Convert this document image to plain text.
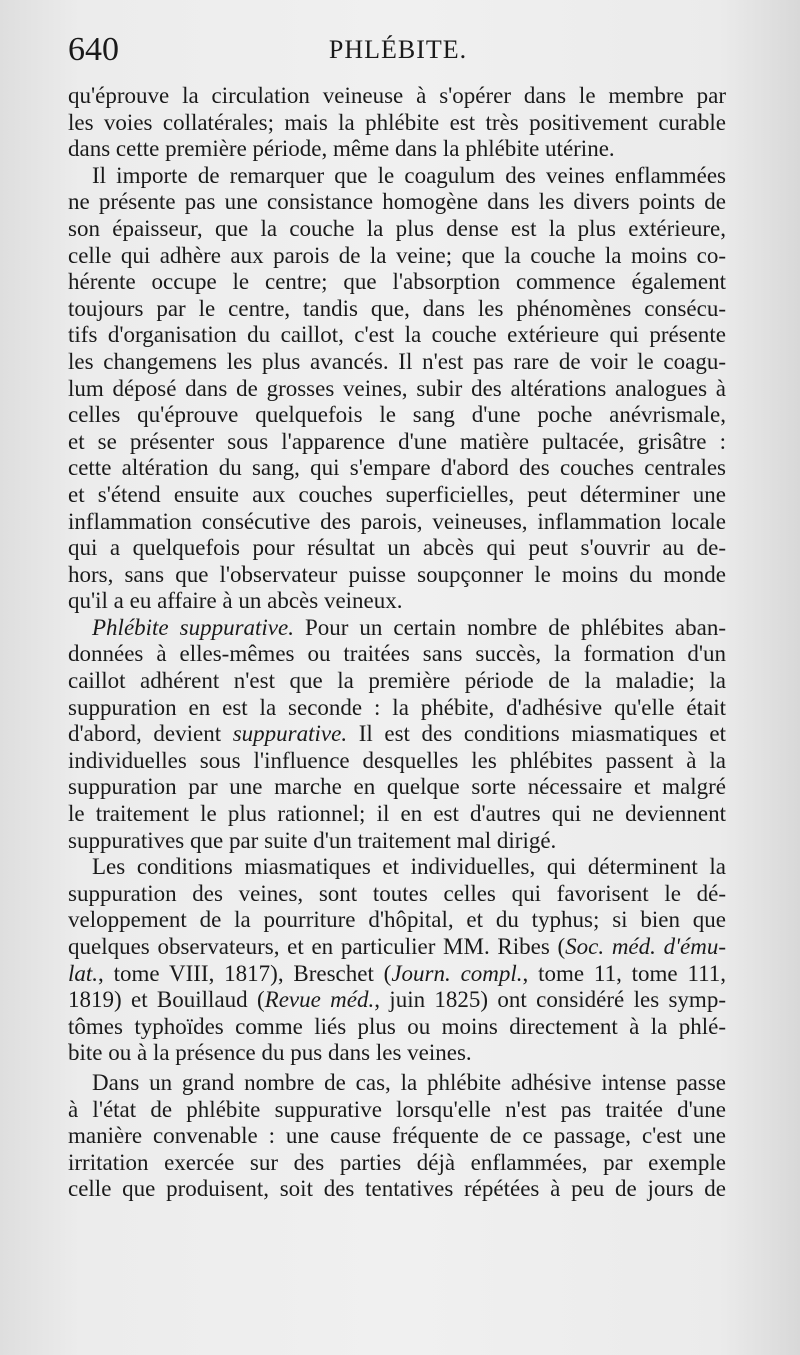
640	PHLÉBITE.
qu'éprouve la circulation veineuse à s'opérer dans le membre par
les voies collatérales; mais la phlébite est très positivement curable
dans cette première période, même dans la phlébite utérine.
Il importe de remarquer que le coagulum des veines enflammées
ne présente pas une consistance homogène dans les divers points de
son épaisseur, que la couche la plus dense est la plus extérieure,
celle qui adhère aux parois de la veine; que la couche la moins co-
hérente occupe le centre; que l'absorption commence également
toujours par le centre, tandis que, dans les phénomènes consécu-
tifs d'organisation du caillot, c'est la couche extérieure qui présente
les changemens les plus avancés. Il n'est pas rare de voir le coagu-
lum déposé dans de grosses veines, subir des altérations analogues à
celles qu'éprouve quelquefois le sang d'une poche anévrismale,
et se présenter sous l'apparence d'une matière pultacée, grisâtre :
cette altération du sang, qui s'empare d'abord des couches centrales
et s'étend ensuite aux couches superficielles, peut déterminer une
inflammation consécutive des parois, veineuses, inflammation locale
qui a quelquefois pour résultat un abcès qui peut s'ouvrir au de-
hors, sans que l'observateur puisse soupçonner le moins du monde
qu'il a eu affaire à un abcès veineux.
Phlébite suppurative. Pour un certain nombre de phlébites aban-
données à elles-mêmes ou traitées sans succès, la formation d'un
caillot adhérent n'est que la première période de la maladie; la
suppuration en est la seconde : la phébite, d'adhésive qu'elle était
d'abord, devient suppurative. Il est des conditions miasmatiques et
individuelles sous l'influence desquelles les phlébites passent à la
suppuration par une marche en quelque sorte nécessaire et malgré
le traitement le plus rationnel; il en est d'autres qui ne deviennent
suppuratives que par suite d'un traitement mal dirigé.
Les conditions miasmatiques et individuelles, qui déterminent la
suppuration des veines, sont toutes celles qui favorisent le dé-
veloppement de la pourriture d'hôpital, et du typhus; si bien que
quelques observateurs, et en particulier MM. Ribes (Soc. méd. d'ému-
lat., tome VIII, 1817), Breschet (Journ. compl., tome 11, tome 111,
1819) et Bouillaud (Revue méd., juin 1825) ont considéré les symp-
tômes typhoïdes comme liés plus ou moins directement à la phlé-
bite ou à la présence du pus dans les veines.
Dans un grand nombre de cas, la phlébite adhésive intense passe
à l'état de phlébite suppurative lorsqu'elle n'est pas traitée d'une
manière convenable : une cause fréquente de ce passage, c'est une
irritation exercée sur des parties déjà enflammées, par exemple
celle que produisent, soit des tentatives répétées à peu de jours de
